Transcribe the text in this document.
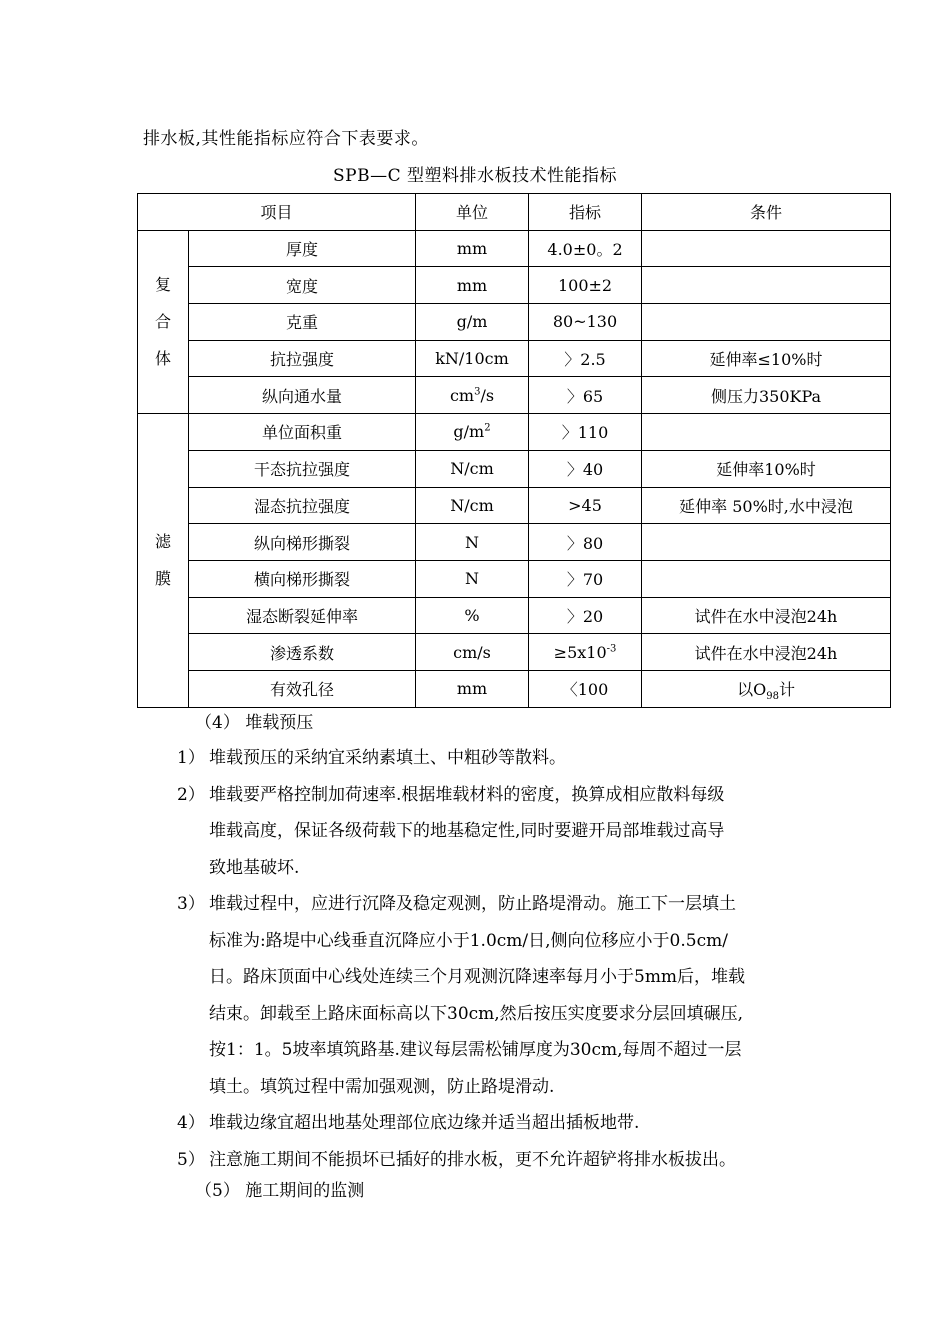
排水板,其性能指标应符合下表要求。
SPB—C 型塑料排水板技术性能指标
项目		单位	指标	条件

复
合
体	厚度	mm	4.0±0。2	
	宽度	mm	100±2	
	克重	g/m	80~130	
	抗拉强度	kN/10cm	〉2.5	延伸率≤10%时
	纵向通水量	$cm^3/s$	〉65	侧压力350KPa

滤
膜	单位面积重	$g/m^2$	〉110	
	干态抗拉强度	N/cm	〉40	延伸率10%时
	湿态抗拉强度	N/cm	>45	延伸率 50%时,水中浸泡
	纵向梯形撕裂	N	〉80	
	横向梯形撕裂	N	〉70	
	湿态断裂延伸率	%	〉20	试件在水中浸泡24h
	渗透系数	cm/s	$\ge 5x10^{-3}$	试件在水中浸泡24h
	有效孔径	mm	〈100	以$O_{98}$计
（4） 堆载预压
1） 堆载预压的采纳宜采纳素填土、中粗砂等散料。
2） 堆载要严格控制加荷速率.根据堆载材料的密度，换算成相应散料每级
堆载高度，保证各级荷载下的地基稳定性,同时要避开局部堆载过高导
致地基破坏.
3） 堆载过程中，应进行沉降及稳定观测，防止路堤滑动。施工下一层填土
标准为:路堤中心线垂直沉降应小于1.0cm/日,侧向位移应小于0.5cm/
日。路床顶面中心线处连续三个月观测沉降速率每月小于5mm后，堆载
结束。卸载至上路床面标高以下30cm,然后按压实度要求分层回填碾压,
按1：1。5坡率填筑路基.建议每层需松铺厚度为30cm,每周不超过一层
填土。填筑过程中需加强观测，防止路堤滑动.
4） 堆载边缘宜超出地基处理部位底边缘并适当超出插板地带.
5） 注意施工期间不能损坏已插好的排水板，更不允许超铲将排水板拔出。
（5） 施工期间的监测
